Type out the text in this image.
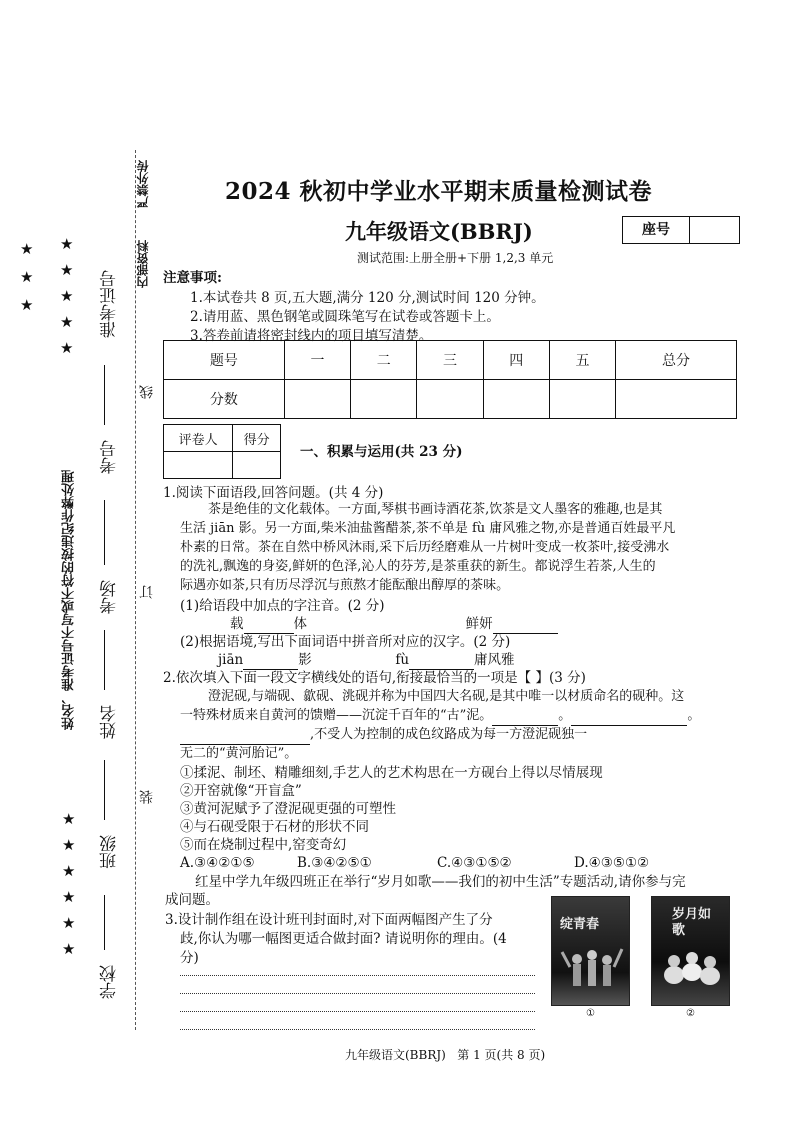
★
★
★
★
★
★
★
★
★
★
★
★
★
★
姓名、准考证号不写或不符的按违纪作弊处理
学校
班级
姓名
考场
考号
准考证号
装
订
线
严禁外传
内部资料
2024 秋初中学业水平期末质量检测试卷
九年级语文(BBRJ)	座号
测试范围:上册全册+下册 1,2,3 单元
注意事项:
1.本试卷共 8 页,五大题,满分 120 分,测试时间 120 分钟。
2.请用蓝、黑色钢笔或圆珠笔写在试卷或答题卡上。
3.答卷前请将密封线内的项目填写清楚。
题号	一	二	三	四	五	总分
分数						
评卷人	得分

一、积累与运用(共 23 分)
1.阅读下面语段,回答问题。(共 4 分)
茶是绝佳的文化载体。一方面,琴棋书画诗酒花茶,饮茶是文人墨客的雅趣,也是其
生活 jiān 影。另一方面,柴米油盐酱醋茶,茶不单是 fù 庸风雅之物,亦是普通百姓最平凡
朴素的日常。茶在自然中桥风沐雨,采下后历经磨难从一片树叶变成一枚茶叶,接受沸水
的洗礼,飘逸的身姿,鲜妍的色泽,沁人的芬芳,是茶重获的新生。都说浮生若茶,人生的
际遇亦如茶,只有历尽浮沉与煎熬才能酝酿出醇厚的茶味。
(1)给语段中加点的字注音。(2 分)
载	体	鲜妍
(2)根据语境,写出下面词语中拼音所对应的汉字。(2 分)
jiān	影	fù	庸风雅
2.依次填入下面一段文字横线处的语句,衔接最恰当的一项是【 】(3 分)
澄泥砚,与端砚、歙砚、洮砚并称为中国四大名砚,是其中唯一以材质命名的砚种。这
一特殊材质来自黄河的馈赠——沉淀千百年的“古”泥。	。	。
,不受人为控制的成色纹路成为每一方澄泥砚独一
无二的“黄河胎记”。
①揉泥、制坯、精雕细刻,手艺人的艺术构思在一方砚台上得以尽情展现
②开窑就像“开盲盒”
③黄河泥赋予了澄泥砚更强的可塑性
④与石砚受限于石材的形状不同
⑤而在烧制过程中,窑变奇幻
A.③④②①⑤	B.③④②⑤①	C.④③①⑤②	D.④③⑤①②
红星中学九年级四班正在举行“岁月如歌——我们的初中生活”专题活动,请你参与完
成问题。
3.设计制作组在设计班刊封面时,对下面两幅图产生了分
歧,你认为哪一幅图更适合做封面? 请说明你的理由。(4
分)
绽青春
①
岁月如歌
②
九年级语文(BBRJ)   第 1 页(共 8 页)
